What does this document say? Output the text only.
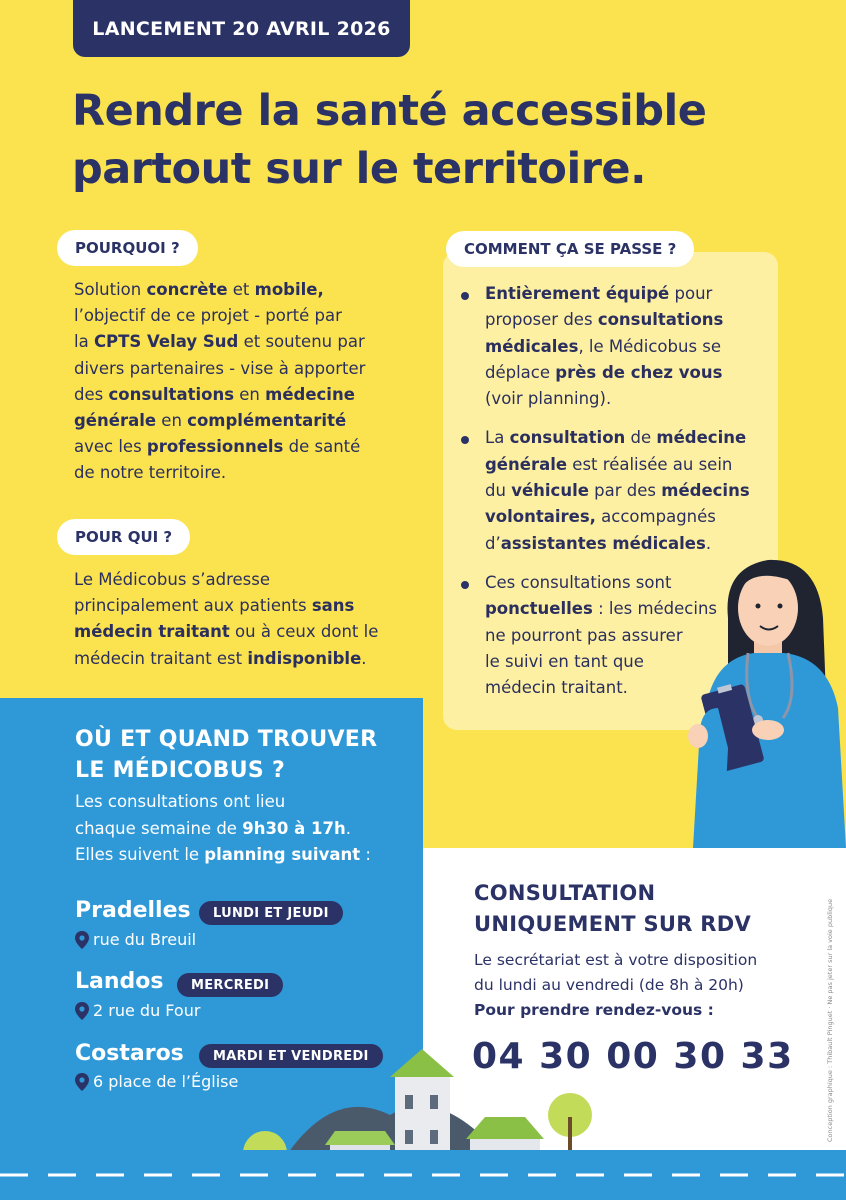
LANCEMENT 20 AVRIL 2026
Rendre la santé accessible
partout sur le territoire.
POURQUOI ?
Solution concrète et mobile,
l’objectif de ce projet - porté par
la CPTS Velay Sud et soutenu par
divers partenaires - vise à apporter
des consultations en médecine
générale en complémentarité
avec les professionnels de santé
de notre territoire.
POUR QUI ?
Le Médicobus s’adresse
principalement aux patients sans
médecin traitant ou à ceux dont le
médecin traitant est indisponible.
COMMENT ÇA SE PASSE ?
Entièrement équipé pour
proposer des consultations
médicales, le Médicobus se
déplace près de chez vous
(voir planning).
La consultation de médecine
générale est réalisée au sein
du véhicule par des médecins
volontaires, accompagnés
d’assistantes médicales.
Ces consultations sont
ponctuelles : les médecins
ne pourront pas assurer
le suivi en tant que
médecin traitant.
OÙ ET QUAND TROUVER
LE MÉDICOBUS ?
Les consultations ont lieu
chaque semaine de 9h30 à 17h.
Elles suivent le planning suivant :
Pradelles	LUNDI ET JEUDI
rue du Breuil
Landos	MERCREDI
2 rue du Four
Costaros	MARDI ET VENDREDI
6 place de l’Église
CONSULTATION
UNIQUEMENT SUR RDV
Le secrétariat est à votre disposition
du lundi au vendredi (de 8h à 20h)
Pour prendre rendez-vous :
04 30 00 30 33	Conception graphique : Thibault Pinguet · Ne pas jeter sur la voie publique
